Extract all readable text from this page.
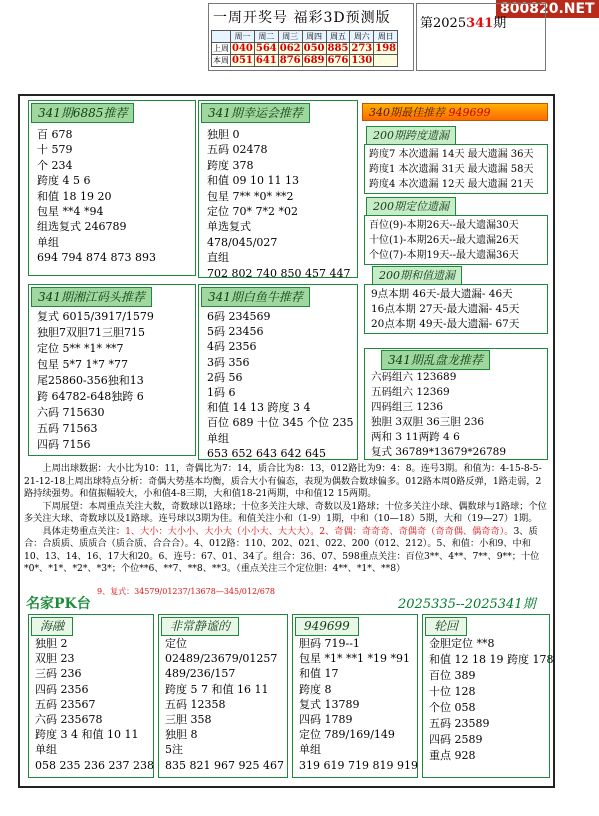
800820.NET
一周开奖号 福彩3D预测版
	周一	周二	周三	周四	周五	周六	周日
上周	040	564	062	050	885	273	198
本周	051	641	876	689	676	130	
第2025341期
341期6885推荐
百 678
十 579
个 234
跨度 4 5 6
和值 18 19 20
包星 **4 *94
组选复式 246789
单组
694 794 874 873 893
341期幸运会推荐
独胆 0
五码 02478
跨度 378
和值 09 10 11 13
包星 7** *0* **2
定位 70* 7*2 *02
单选复式
478/045/027
直组
702 802 740 850 457 447
341期湘江码头推荐
复式 6015/3917/1579
独胆7双胆71三胆715
定位 5** *1* **7
包星 5*7 1*7 *77
尾25860-356独和13
跨 64782-648独跨 6
六码 715630
五码 71563
四码 7156
341期白鱼牛推荐
6码 234569
5码 23456
4码 2356
3码 356
2码 56
1码 6
和值 14 13 跨度 3 4
百位 689 十位 345 个位 235
单组
653 652 643 642 645
340期最佳推荐 949699
200期跨度遗漏
跨度7 本次遗漏 14天 最大遗漏 36天
跨度1 本次遗漏 31天 最大遗漏 58天
跨度4 本次遗漏 12天 最大遗漏 21天
200期定位遗漏
百位(9)-本期26天--最大遗漏30天
十位(1)-本期26天--最大遗漏26天
个位(7)-本期19天--最大遗漏36天
200期和值遗漏
9点本期 46天-最大遗漏- 46天
16点本期 27天-最大遗漏- 45天
20点本期 49天-最大遗漏- 67天
341期乱盘龙推荐
六码组六 123689
五码组六 12369
四码组三 1236
独胆 3双胆 36三胆 236
两和 3 11两跨 4 6
复式 36789*13679*26789

上周出球数据：大小比为10：11，奇偶比为7：14，质合比为8：13，012路比为9：4：8。连号3期。和值为：4-15-8-5-21-12-18上周出球特点分析：奇偶大势基本均衡，质合大小有偏态，表现为偶数合数球偏多。012路本周0路反弹，1路走弱，2路持续强势。和值振幅较大，小和值4-8三期，大和值18-21两期，中和值12 15两期。

下周展望：本周重点关注大数，奇数球以1路球；十位多关注大球、奇数以及1路球；十位多关注小球、偶数球与1路球；个位多关注大球、奇数球以及1路球。连号球以3期为佳。和值关注小和（1-9）1期，中和（10—18）5期，大和（19—27）1期。

具体走势重点关注：1、大小：大小小、大小大（小小大、大大大）。2、奇偶：奇奇奇、奇偶奇（奇奇偶、偶奇奇）。3、质合：合质质、质质合（质合质、合合合）。4、012路：110、202、021、022、200（012、212）。5、和值：小和9、中和10、13、14、16、17大和20。6、连号：67、01、34了。组合：36、07、598重点关注：百位3**、4**、7**、9**；十位*0*、*1*、*2*、*3*；个位**6、**7、**8、**3。（重点关注三个定位胆：4**、*1*、**8）

9、复式：34579/01237/13678—345/012/678
名家PK台	2025335--2025341期
海融
独胆 2
双胆 23
三码 236
四码 2356
五码 23567
六码 235678
跨度 3 4 和值 10 11
单组
058 235 236 237 238
非常静谧的
定位
02489/23679/01257
489/236/157
跨度 5 7 和值 16 11
五码 12358
三胆 358
独胆 8
5注
835 821 967 925 467
949699
胆码 719--1
包星 *1* **1 *19 *91
和值 17
跨度 8
复式 13789
四码 1789
定位 789/169/149
单组
319 619 719 819 919
轮回
金胆定位 **8
和值 12 18 19 跨度 178
百位 389
十位 128
个位 058
五码 23589
四码 2589
重点 928
